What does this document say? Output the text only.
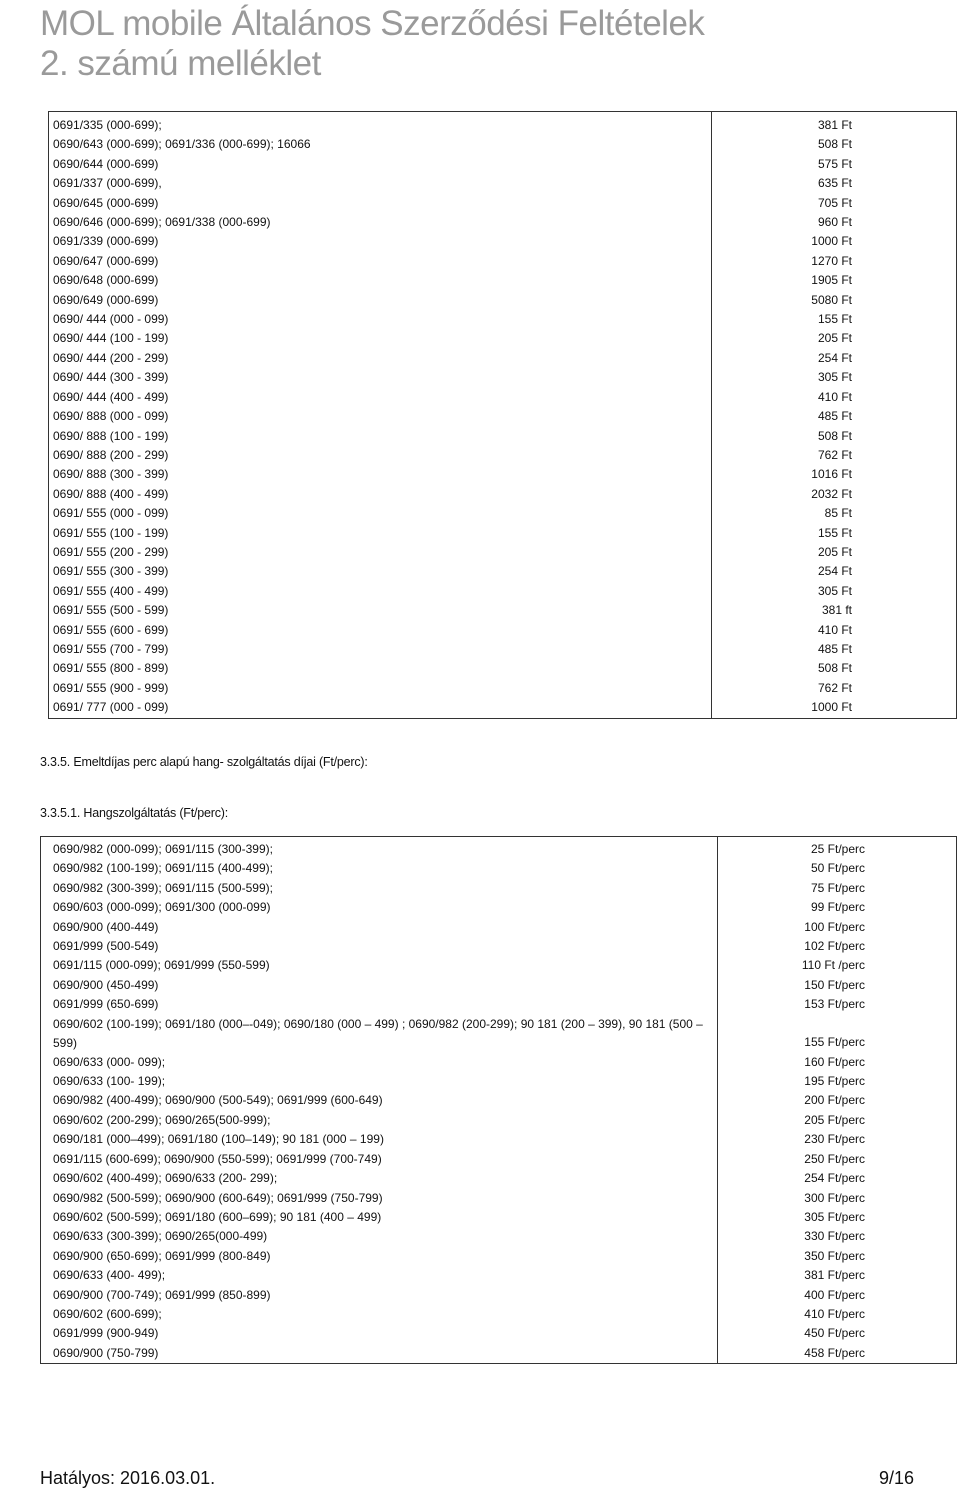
MOL mobile Általános Szerződési Feltételek
2. számú melléklet
0691/335 (000-699);	381 Ft
0690/643 (000-699); 0691/336 (000-699); 16066	508 Ft
0690/644 (000-699)	575 Ft
0691/337 (000-699),	635 Ft
0690/645 (000-699)	705 Ft
0690/646 (000-699); 0691/338 (000-699)	960 Ft
0691/339 (000-699)	1000 Ft
0690/647 (000-699)	1270 Ft
0690/648 (000-699)	1905 Ft
0690/649 (000-699)	5080 Ft
0690/ 444 (000 - 099)	155 Ft
0690/ 444 (100 - 199)	205 Ft
0690/ 444 (200 - 299)	254 Ft
0690/ 444 (300 - 399)	305 Ft
0690/ 444 (400 - 499)	410 Ft
0690/ 888 (000 - 099)	485 Ft
0690/ 888 (100 - 199)	508 Ft
0690/ 888 (200 - 299)	762 Ft
0690/ 888 (300 - 399)	1016 Ft
0690/ 888 (400 - 499)	2032 Ft
0691/ 555 (000 - 099)	85 Ft
0691/ 555 (100 - 199)	155 Ft
0691/ 555 (200 - 299)	205 Ft
0691/ 555 (300 - 399)	254 Ft
0691/ 555 (400 - 499)	305 Ft
0691/ 555 (500 - 599)	381 ft
0691/ 555 (600 - 699)	410 Ft
0691/ 555 (700 - 799)	485 Ft
0691/ 555 (800 - 899)	508 Ft
0691/ 555 (900 - 999)	762 Ft
0691/ 777 (000 - 099)	1000 Ft
3.3.5. Emeltdíjas perc alapú hang- szolgáltatás díjai (Ft/perc):
3.3.5.1. Hangszolgáltatás (Ft/perc):
0690/982 (000-099); 0691/115 (300-399);	25 Ft/perc
0690/982 (100-199); 0691/115 (400-499);	50 Ft/perc
0690/982 (300-399); 0691/115 (500-599);	75 Ft/perc
0690/603 (000-099); 0691/300 (000-099)	99 Ft/perc
0690/900 (400-449)	100 Ft/perc
0691/999 (500-549)	102 Ft/perc
0691/115 (000-099); 0691/999 (550-599)	110 Ft /perc
0690/900 (450-499)	150 Ft/perc
0691/999 (650-699)	153 Ft/perc
0690/602 (100-199); 0691/180 (000–-049); 0690/180 (000 – 499) ; 0690/982 (200-299); 90 181 (200 – 399), 90 181 (500 – 599)	155 Ft/perc
0690/633 (000- 099);	160 Ft/perc
0690/633 (100- 199);	195 Ft/perc
0690/982 (400-499); 0690/900 (500-549); 0691/999 (600-649)	200 Ft/perc
0690/602 (200-299); 0690/265(500-999);	205 Ft/perc
0690/181 (000–499); 0691/180 (100–149); 90 181 (000 – 199)	230 Ft/perc
0691/115 (600-699); 0690/900 (550-599); 0691/999 (700-749)	250 Ft/perc
0690/602 (400-499); 0690/633 (200- 299);	254 Ft/perc
0690/982 (500-599); 0690/900 (600-649); 0691/999 (750-799)	300 Ft/perc
0690/602 (500-599); 0691/180 (600–699); 90 181 (400 – 499)	305 Ft/perc
0690/633 (300-399); 0690/265(000-499)	330 Ft/perc
0690/900 (650-699); 0691/999 (800-849)	350 Ft/perc
0690/633 (400- 499);	381 Ft/perc
0690/900 (700-749); 0691/999 (850-899)	400 Ft/perc
0690/602 (600-699);	410 Ft/perc
0691/999 (900-949)	450 Ft/perc
0690/900 (750-799)	458 Ft/perc
Hatályos: 2016.03.01.	9/16
